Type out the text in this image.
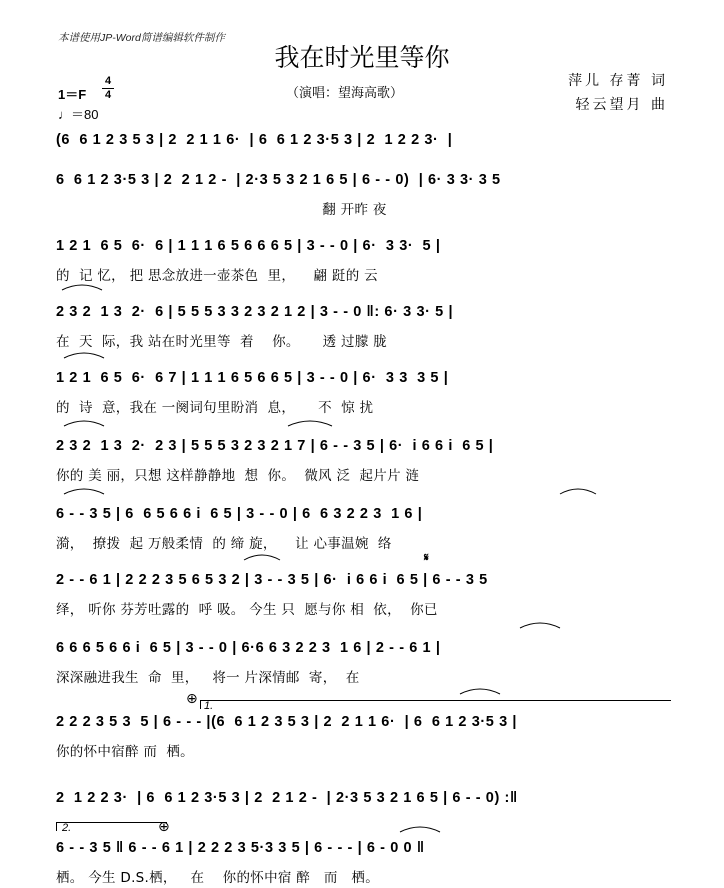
本谱使用JP-Word简谱编辑软件制作
我在时光里等你
（演唱：望海高歌）
萍儿 存菁 词
轻云望月 曲
1＝F
4
4
♩＝80
(6  6 1 2 3 5 3 | 2  2 1 1 6·  | 6  6 1 2 3·5 3 | 2  1 2 2 3·  |
6  6 1 2 3·5 3 | 2  2 1 2 -  | 2·3 5 3 2 1 6 5 | 6 - - 0)  | 6· 3 3· 3 5
翻 开昨 夜
1 2 1  6 5  6·  6 | 1 1 1 6 5 6 6 6 5 | 3 - - 0 | 6·  3 3·  5 |
的  记 忆， 把 思念放进一壶茶色  里，    翩 跹的 云
2 3 2  1 3  2·  6 | 5 5 5 3 3 2 3 2 1 2 | 3 - - 0 ‖: 6· 3 3· 5 |
在  天  际，我 站在时光里等  着    你。     透 过朦 胧
1 2 1  6 5  6·  6 7 | 1 1 1 6 5 6 6 5 | 3 - - 0 | 6·  3 3  3 5 |
的  诗  意，我在 一阕词句里盼消  息，     不  惊 扰
2 3 2  1 3  2·  2 3 | 5 5 5 3 2 3 2 1 7 | 6 - - 3 5 | 6·  i 6 6 i  6 5 |
你的 美 丽，只想 这样静静地  想  你。  微风 泛  起片片 涟
6 - - 3 5 | 6  6 5 6 6 i  6 5 | 3 - - 0 | 6  6 3 2 2 3  1 6 |
漪，  撩拨  起 万般柔情  的 缔 旋，    让 心事温婉  络
𝄋
2 - - 6 1 | 2 2 2 3 5 6 5 3 2 | 3 - - 3 5 | 6·  i 6 6 i  6 5 | 6 - - 3 5
绎， 听你 芬芳吐露的  呼 吸。 今生 只  愿与你 相  依，  你已
6 6 6 5 6 6 i  6 5 | 3 - - 0 | 6·6 6 3 2 2 3  1 6 | 2 - - 6 1 |
深深融进我生  命  里，   将一 片深情邮  寄，  在
⊕ 1.
2 2 2 3 5 3  5 | 6 - - - |(6  6 1 2 3 5 3 | 2  2 1 1 6·  | 6  6 1 2 3·5 3 |
你的怀中宿醉 而  栖。
2  1 2 2 3·  | 6  6 1 2 3·5 3 | 2  2 1 2 -  | 2·3 5 3 2 1 6 5 | 6 - - 0) :‖
2.	⊕
6 - - 3 5 ‖ 6 - - 6 1 | 2 2 2 3 5·3 3 5 | 6 - - - | 6 - 0 0 ‖
栖。 今生 D.S.栖，   在    你的怀中宿 醉   而   栖。
